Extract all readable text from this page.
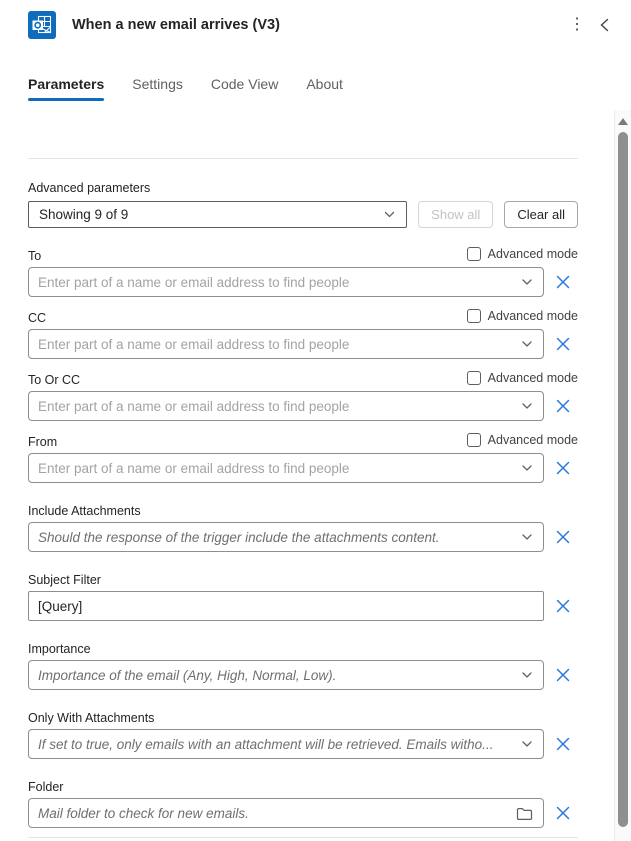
When a new email arrives (V3)	⋮
Parameters Settings Code View About
Advanced parameters
Showing 9 of 9	Show all	Clear all
To	Advanced mode
Enter part of a name or email address to find people
CC	Advanced mode
Enter part of a name or email address to find people
To Or CC	Advanced mode
Enter part of a name or email address to find people
From	Advanced mode
Enter part of a name or email address to find people
Include Attachments
Should the response of the trigger include the attachments content.
Subject Filter
[Query]
Importance
Importance of the email (Any, High, Normal, Low).
Only With Attachments
If set to true, only emails with an attachment will be retrieved. Emails witho...
Folder
Mail folder to check for new emails.
